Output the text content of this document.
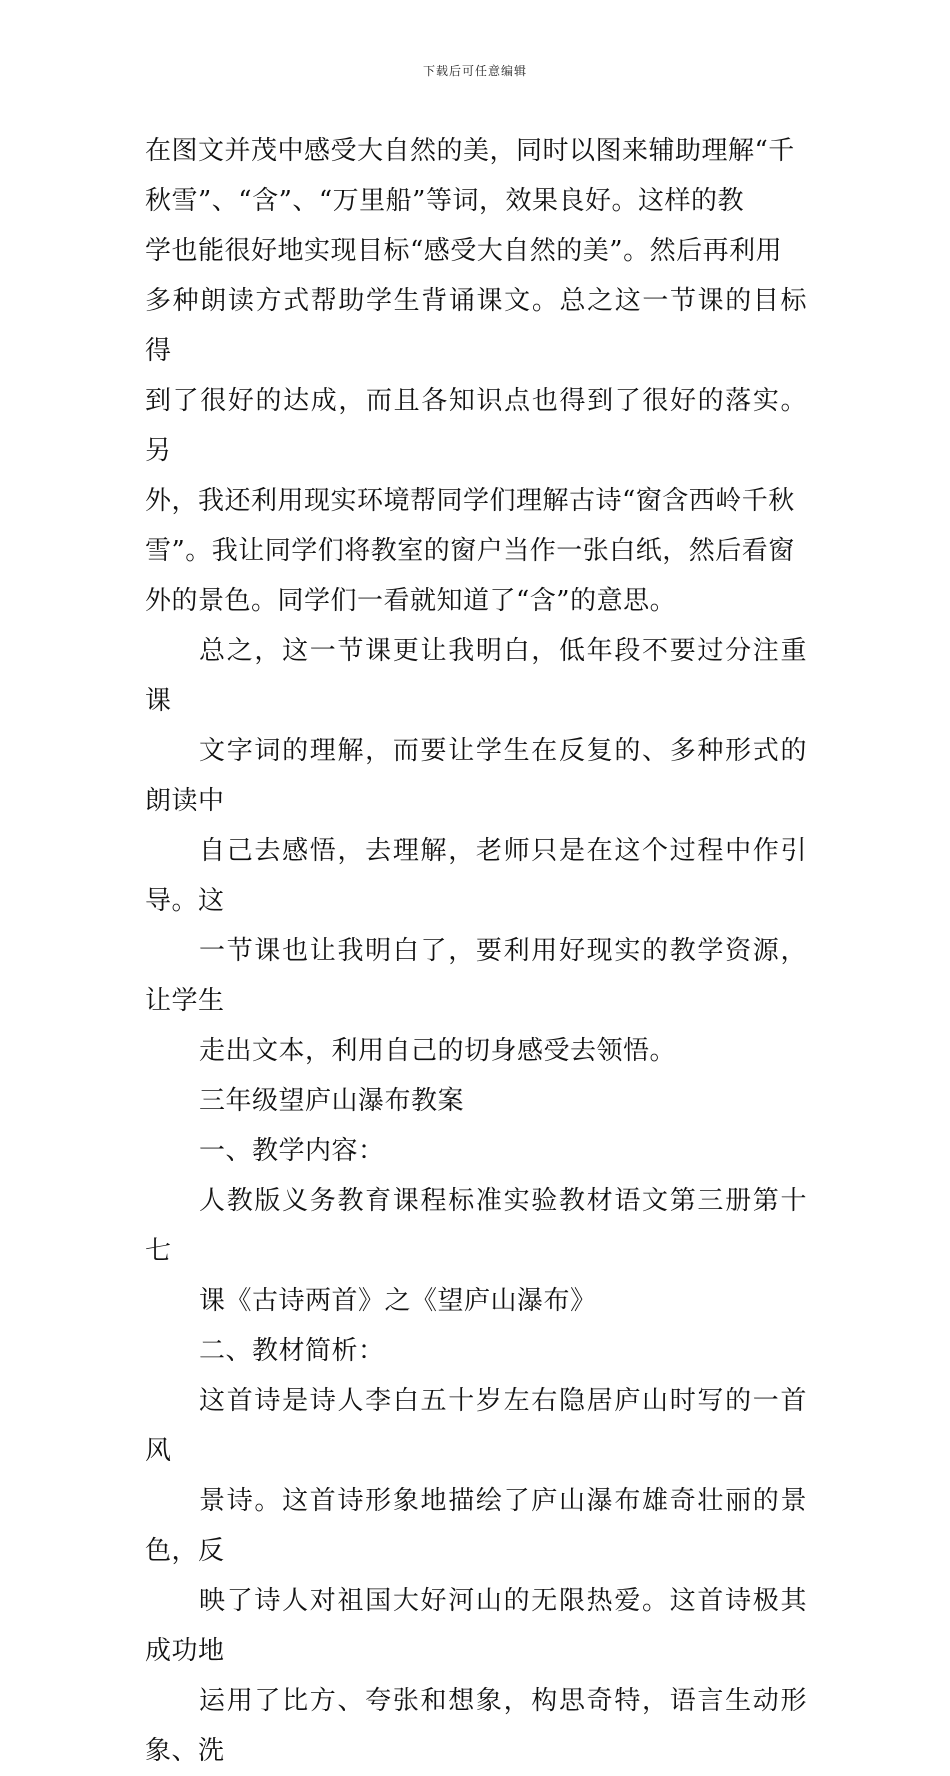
下载后可任意编辑

在图文并茂中感受大自然的美，同时以图来辅助理解“千
秋雪”、“含”、“万里船”等词，效果良好。这样的教
学也能很好地实现目标“感受大自然的美”。然后再利用
多种朗读方式帮助学生背诵课文。总之这一节课的目标得
到了很好的达成，而且各知识点也得到了很好的落实。另
外，我还利用现实环境帮同学们理解古诗“窗含西岭千秋
雪”。我让同学们将教室的窗户当作一张白纸，然后看窗
外的景色。同学们一看就知道了“含”的意思。

总之，这一节课更让我明白，低年段不要过分注重课
文字词的理解，而要让学生在反复的、多种形式的朗读中
自己去感悟，去理解，老师只是在这个过程中作引导。这
一节课也让我明白了，要利用好现实的教学资源，让学生
走出文本，利用自己的切身感受去领悟。

三年级望庐山瀑布教案

一、教学内容：

人教版义务教育课程标准实验教材语文第三册第十七
课《古诗两首》之《望庐山瀑布》

二、教材简析：

这首诗是诗人李白五十岁左右隐居庐山时写的一首风
景诗。这首诗形象地描绘了庐山瀑布雄奇壮丽的景色，反
映了诗人对祖国大好河山的无限热爱。这首诗极其成功地
运用了比方、夸张和想象，构思奇特，语言生动形象、洗
